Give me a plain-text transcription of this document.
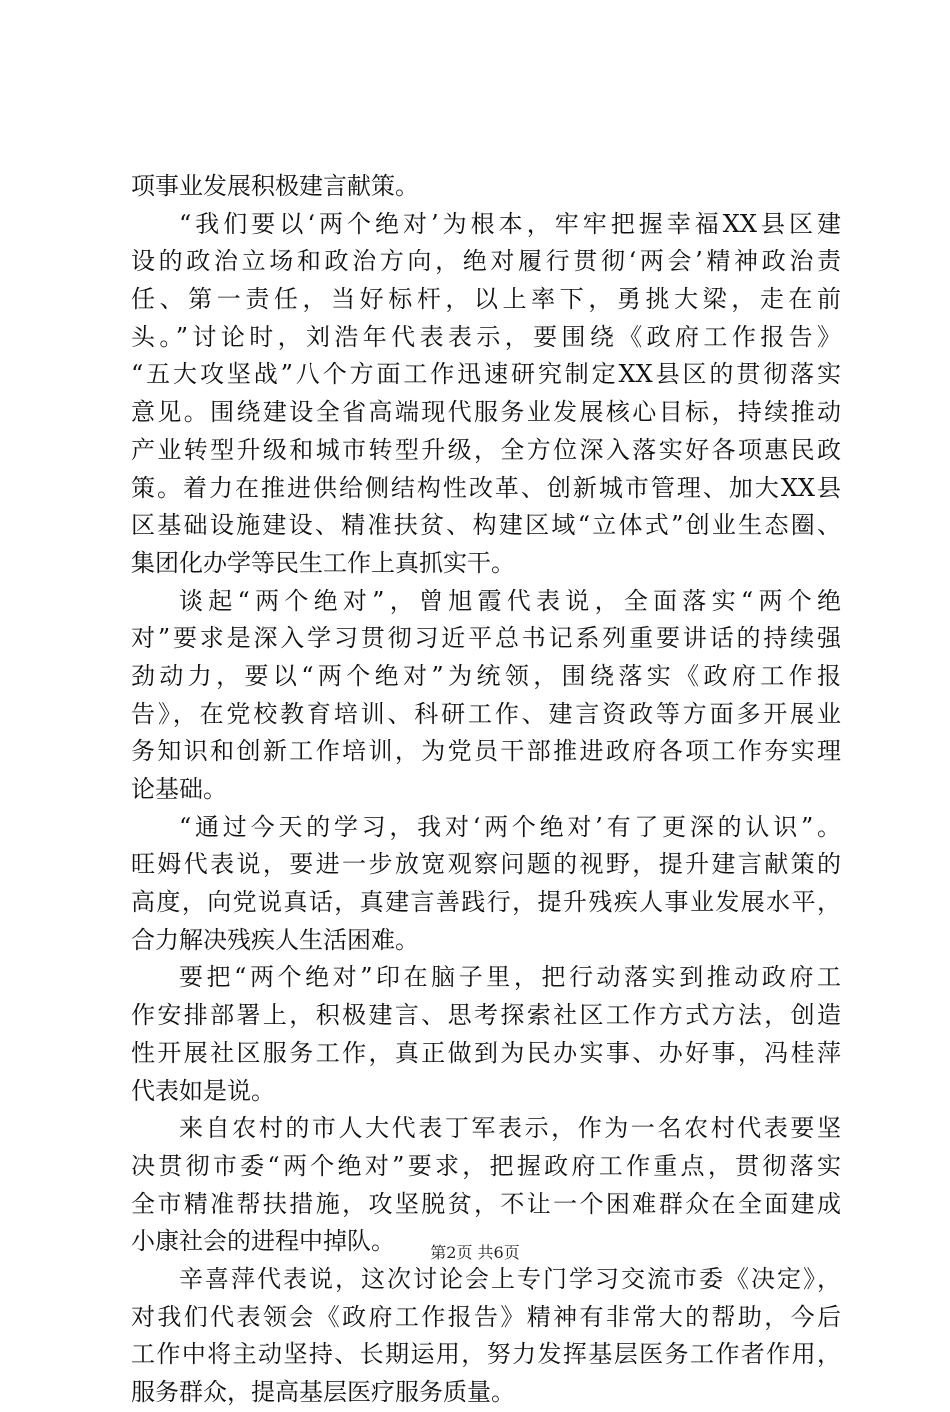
项事业发展积极建言献策。
“我们要以‘两个绝对’为根本，牢牢把握幸福XX县区建
设的政治立场和政治方向，绝对履行贯彻‘两会’精神政治责
任、第一责任，当好标杆，以上率下，勇挑大梁，走在前
头。”讨论时，刘浩年代表表示，要围绕《政府工作报告》
“五大攻坚战”八个方面工作迅速研究制定XX县区的贯彻落实
意见。围绕建设全省高端现代服务业发展核心目标，持续推动
产业转型升级和城市转型升级，全方位深入落实好各项惠民政
策。着力在推进供给侧结构性改革、创新城市管理、加大XX县
区基础设施建设、精准扶贫、构建区域“立体式”创业生态圈、
集团化办学等民生工作上真抓实干。
谈起“两个绝对”，曾旭霞代表说，全面落实“两个绝
对”要求是深入学习贯彻习近平总书记系列重要讲话的持续强
劲动力，要以“两个绝对”为统领，围绕落实《政府工作报
告》，在党校教育培训、科研工作、建言资政等方面多开展业
务知识和创新工作培训，为党员干部推进政府各项工作夯实理
论基础。
“通过今天的学习，我对‘两个绝对’有了更深的认识”。
旺姆代表说，要进一步放宽观察问题的视野，提升建言献策的
高度，向党说真话，真建言善践行，提升残疾人事业发展水平，
合力解决残疾人生活困难。
要把“两个绝对”印在脑子里，把行动落实到推动政府工
作安排部署上，积极建言、思考探索社区工作方式方法，创造
性开展社区服务工作，真正做到为民办实事、办好事，冯桂萍
代表如是说。
来自农村的市人大代表丁军表示，作为一名农村代表要坚
决贯彻市委“两个绝对”要求，把握政府工作重点，贯彻落实
全市精准帮扶措施，攻坚脱贫，不让一个困难群众在全面建成
小康社会的进程中掉队。
辛喜萍代表说，这次讨论会上专门学习交流市委《决定》，
对我们代表领会《政府工作报告》精神有非常大的帮助，今后
工作中将主动坚持、长期运用，努力发挥基层医务工作者作用，
服务群众，提高基层医疗服务质量。
第2页 共6页
